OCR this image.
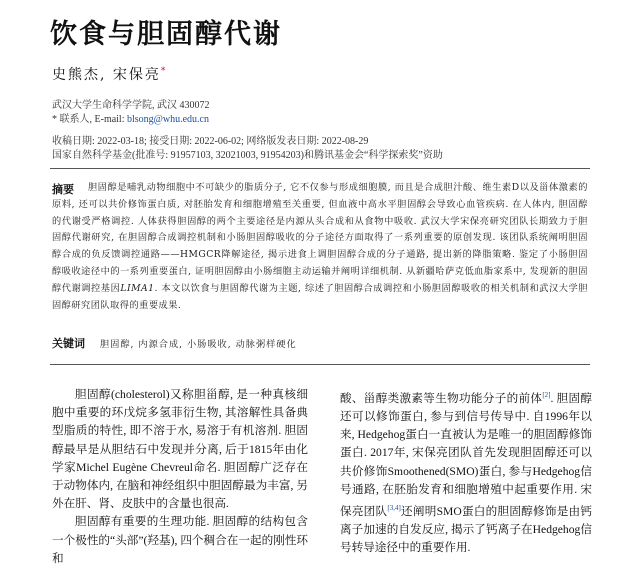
饮食与胆固醇代谢
史熊杰, 宋保亮*
武汉大学生命科学学院, 武汉 430072
* 联系人, E-mail: blsong@whu.edu.cn
收稿日期: 2022-03-18; 接受日期: 2022-06-02; 网络版发表日期: 2022-08-29
国家自然科学基金(批准号: 91957103, 32021003, 91954203)和腾讯基金会“科学探索奖”资助
摘要	胆固醇是哺乳动物细胞中不可缺少的脂质分子, 它不仅参与形成细胞膜, 而且是合成胆汁酸、维生素D以及甾体激素的原料, 还可以共价修饰蛋白质, 对胚胎发育和细胞增殖至关重要, 但血液中高水平胆固醇会导致心血管疾病. 在人体内, 胆固醇的代谢受严格调控. 人体获得胆固醇的两个主要途径是内源从头合成和从食物中吸收. 武汉大学宋保亮研究团队长期致力于胆固醇代谢研究, 在胆固醇合成调控机制和小肠胆固醇吸收的分子途径方面取得了一系列重要的原创发现. 该团队系统阐明胆固醇合成的负反馈调控通路——HMGCR降解途径, 揭示进食上调胆固醇合成的分子通路, 提出新的降脂策略. 鉴定了小肠胆固醇吸收途径中的一系列重要蛋白, 证明胆固醇由小肠细胞主动运输并阐明详细机制. 从新疆哈萨克低血脂家系中, 发现新的胆固醇代谢调控基因LIMA1. 本文以饮食与胆固醇代谢为主题, 综述了胆固醇合成调控和小肠胆固醇吸收的相关机制和武汉大学胆固醇研究团队取得的重要成果.
关键词 胆固醇, 内源合成, 小肠吸收, 动脉粥样硬化
胆固醇(cholesterol)又称胆甾醇, 是一种真核细胞中重要的环戊烷多氢菲衍生物, 其溶解性具备典型脂质的特性, 即不溶于水, 易溶于有机溶剂. 胆固醇最早是从胆结石中发现并分离, 后于1815年由化学家Michel Eugène Chevreul命名. 胆固醇广泛存在于动物体内, 在脑和神经组织中胆固醇最为丰富, 另外在肝、肾、皮肤中的含量也很高.
胆固醇有重要的生理功能. 胆固醇的结构包含一个极性的“头部”(羟基), 四个稠合在一起的刚性环和
酸、甾醇类激素等生物功能分子的前体[2]. 胆固醇还可以修饰蛋白, 参与到信号传导中. 自1996年以来, Hedgehog蛋白一直被认为是唯一的胆固醇修饰蛋白. 2017年, 宋保亮团队首先发现胆固醇还可以共价修饰Smoothened(SMO)蛋白, 参与Hedgehog信号通路, 在胚胎发育和细胞增殖中起重要作用. 宋保亮团队[3,4]还阐明SMO蛋白的胆固醇修饰是由钙离子加速的自发反应, 揭示了钙离子在Hedgehog信号转导途径中的重要作用.
